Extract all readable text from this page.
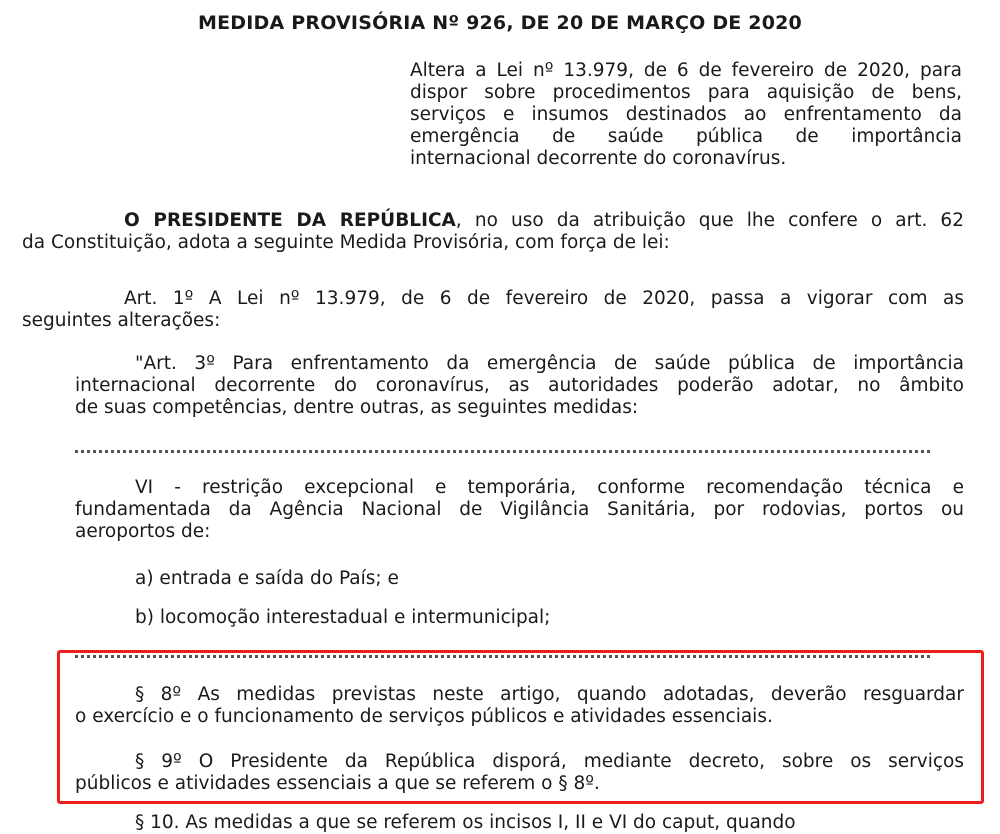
MEDIDA PROVISÓRIA Nº 926, DE 20 DE MARÇO DE 2020
Altera a Lei nº 13.979, de 6 de fevereiro de 2020, para
dispor sobre procedimentos para aquisição de bens,
serviços e insumos destinados ao enfrentamento da
emergência de saúde pública de importância
internacional decorrente do coronavírus.
O PRESIDENTE DA REPÚBLICA, no uso da atribuição que lhe confere o art. 62
da Constituição, adota a seguinte Medida Provisória, com força de lei:
Art. 1º A Lei nº 13.979, de 6 de fevereiro de 2020, passa a vigorar com as
seguintes alterações:
"Art. 3º Para enfrentamento da emergência de saúde pública de importância
internacional decorrente do coronavírus, as autoridades poderão adotar, no âmbito
de suas competências, dentre outras, as seguintes medidas:
VI - restrição excepcional e temporária, conforme recomendação técnica e
fundamentada da Agência Nacional de Vigilância Sanitária, por rodovias, portos ou
aeroportos de:
a) entrada e saída do País; e
b) locomoção interestadual e intermunicipal;
§ 8º As medidas previstas neste artigo, quando adotadas, deverão resguardar
o exercício e o funcionamento de serviços públicos e atividades essenciais.
§ 9º O Presidente da República disporá, mediante decreto, sobre os serviços
públicos e atividades essenciais a que se referem o § 8º.
§ 10. As medidas a que se referem os incisos I, II e VI do caput, quando
